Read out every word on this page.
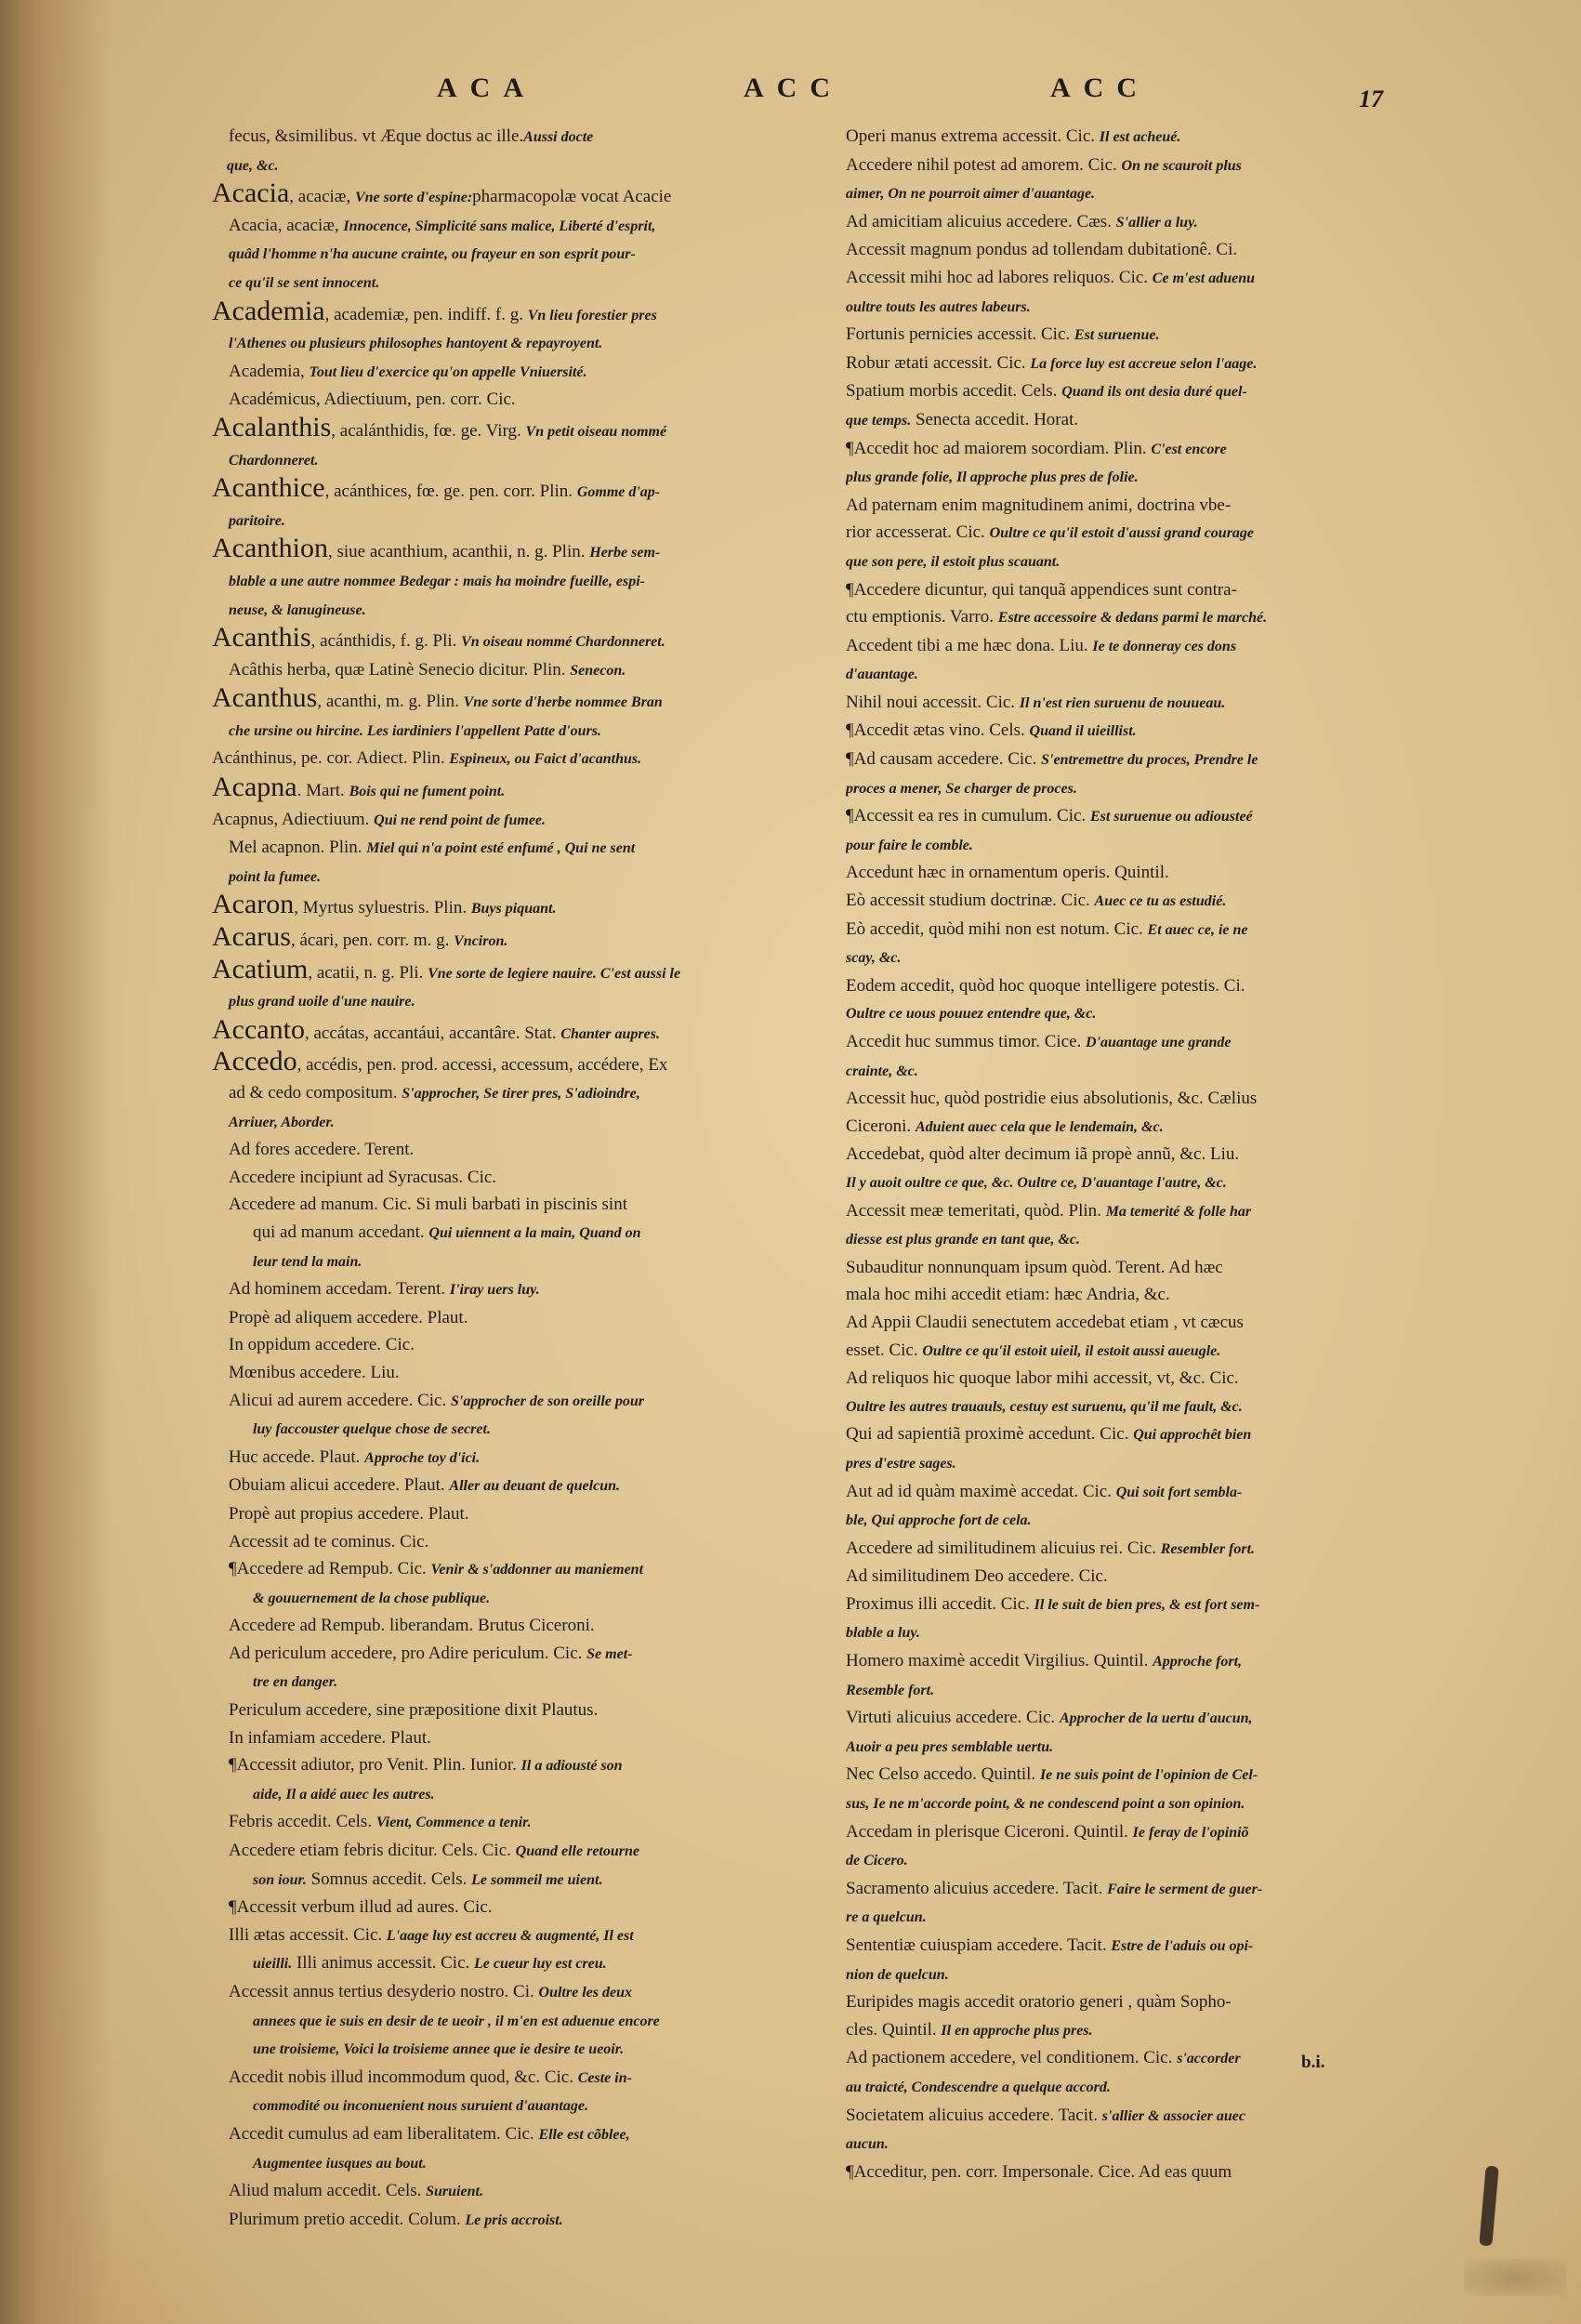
ACA	ACC	ACC	17

fecus, &similibus. vt Æque doctus ac ille.Aussi docte

que, &c.

Acacia, acaciæ, Vne sorte d'espine:pharmacopolæ vocat Acacie

Acacia, acaciæ, Innocence, Simplicité sans malice, Liberté d'esprit,

quâd l'homme n'ha aucune crainte, ou frayeur en son esprit pour-

ce qu'il se sent innocent.

Academia, academiæ, pen. indiff. f. g. Vn lieu forestier pres

l'Athenes ou plusieurs philosophes hantoyent & repayroyent.

Academia, Tout lieu d'exercice qu'on appelle Vniuersité.

Académicus, Adiectiuum, pen. corr. Cic.

Acalanthis, acalánthidis, fœ. ge. Virg. Vn petit oiseau nommé

Chardonneret.

Acanthice, acánthices, fœ. ge. pen. corr. Plin. Gomme d'ap-

paritoire.

Acanthion, siue acanthium, acanthii, n. g. Plin. Herbe sem-

blable a une autre nommee Bedegar : mais ha moindre fueille, espi-

neuse, & lanugineuse.

Acanthis, acánthidis, f. g. Pli. Vn oiseau nommé Chardonneret.

Acâthis herba, quæ Latinè Senecio dicitur. Plin. Senecon.

Acanthus, acanthi, m. g. Plin. Vne sorte d'herbe nommee Bran

che ursine ou hircine. Les iardiniers l'appellent Patte d'ours.

Acánthinus, pe. cor. Adiect. Plin. Espineux, ou Faict d'acanthus.

Acapna. Mart. Bois qui ne fument point.

Acapnus, Adiectiuum. Qui ne rend point de fumee.

Mel acapnon. Plin. Miel qui n'a point esté enfumé , Qui ne sent

point la fumee.

Acaron, Myrtus syluestris. Plin. Buys piquant.

Acarus, ácari, pen. corr. m. g. Vnciron.

Acatium, acatii, n. g. Pli. Vne sorte de legiere nauire. C'est aussi le

plus grand uoile d'une nauire.

Accanto, accátas, accantáui, accantâre. Stat. Chanter aupres.

Accedo, accédis, pen. prod. accessi, accessum, accédere, Ex

ad & cedo compositum. S'approcher, Se tirer pres, S'adioindre,

Arriuer, Aborder.

Ad fores accedere. Terent.

Accedere incipiunt ad Syracusas. Cic.

Accedere ad manum. Cic. Si muli barbati in piscinis sint

qui ad manum accedant. Qui uiennent a la main, Quand on

leur tend la main.

Ad hominem accedam. Terent. I'iray uers luy.

Propè ad aliquem accedere. Plaut.

In oppidum accedere. Cic.

Mœnibus accedere. Liu.

Alicui ad aurem accedere. Cic. S'approcher de son oreille pour

luy faccouster quelque chose de secret.

Huc accede. Plaut. Approche toy d'ici.

Obuiam alicui accedere. Plaut. Aller au deuant de quelcun.

Propè aut propius accedere. Plaut.

Accessit ad te cominus. Cic.

¶Accedere ad Rempub. Cic. Venir & s'addonner au maniement

& gouuernement de la chose publique.

Accedere ad Rempub. liberandam. Brutus Ciceroni.

Ad periculum accedere, pro Adire periculum. Cic. Se met-

tre en danger.

Periculum accedere, sine præpositione dixit Plautus.

In infamiam accedere. Plaut.

¶Accessit adiutor, pro Venit. Plin. Iunior. Il a adiousté son

aide, Il a aidé auec les autres.

Febris accedit. Cels. Vient, Commence a tenir.

Accedere etiam febris dicitur. Cels. Cic. Quand elle retourne

son iour. Somnus accedit. Cels. Le sommeil me uient.

¶Accessit verbum illud ad aures. Cic.

Illi ætas accessit. Cic. L'aage luy est accreu & augmenté, Il est

uieilli. Illi animus accessit. Cic. Le cueur luy est creu.

Accessit annus tertius desyderio nostro. Ci. Oultre les deux

annees que ie suis en desir de te ueoir , il m'en est aduenue encore

une troisieme, Voici la troisieme annee que ie desire te ueoir.

Accedit nobis illud incommodum quod, &c. Cic. Ceste in-

commodité ou inconuenient nous suruient d'auantage.

Accedit cumulus ad eam liberalitatem. Cic. Elle est cõblee,

Augmentee iusques au bout.

Aliud malum accedit. Cels. Suruient.

Plurimum pretio accedit. Colum. Le pris accroist.

Operi manus extrema accessit. Cic. Il est acheué.

Accedere nihil potest ad amorem. Cic. On ne scauroit plus

aimer, On ne pourroit aimer d'auantage.

Ad amicitiam alicuius accedere. Cæs. S'allier a luy.

Accessit magnum pondus ad tollendam dubitationê. Ci.

Accessit mihi hoc ad labores reliquos. Cic. Ce m'est aduenu

oultre touts les autres labeurs.

Fortunis pernicies accessit. Cic. Est suruenue.

Robur ætati accessit. Cic. La force luy est accreue selon l'aage.

Spatium morbis accedit. Cels. Quand ils ont desia duré quel-

que temps. Senecta accedit. Horat.

¶Accedit hoc ad maiorem socordiam. Plin. C'est encore

plus grande folie, Il approche plus pres de folie.

Ad paternam enim magnitudinem animi, doctrina vbe-

rior accesserat. Cic. Oultre ce qu'il estoit d'aussi grand courage

que son pere, il estoit plus scauant.

¶Accedere dicuntur, qui tanquã appendices sunt contra-

ctu emptionis. Varro. Estre accessoire & dedans parmi le marché.

Accedent tibi a me hæc dona. Liu. Ie te donneray ces dons

d'auantage.

Nihil noui accessit. Cic. Il n'est rien suruenu de nouueau.

¶Accedit ætas vino. Cels. Quand il uieillist.

¶Ad causam accedere. Cic. S'entremettre du proces, Prendre le

proces a mener, Se charger de proces.

¶Accessit ea res in cumulum. Cic. Est suruenue ou adiousteé

pour faire le comble.

Accedunt hæc in ornamentum operis. Quintil.

Eò accessit studium doctrinæ. Cic. Auec ce tu as estudié.

Eò accedit, quòd mihi non est notum. Cic. Et auec ce, ie ne

scay, &c.

Eodem accedit, quòd hoc quoque intelligere potestis. Ci.

Oultre ce uous pouuez entendre que, &c.

Accedit huc summus timor. Cice. D'auantage une grande

crainte, &c.

Accessit huc, quòd postridie eius absolutionis, &c. Cælius

Ciceroni. Aduient auec cela que le lendemain, &c.

Accedebat, quòd alter decimum iã propè annũ, &c. Liu.

Il y auoit oultre ce que, &c. Oultre ce, D'auantage l'autre, &c.

Accessit meæ temeritati, quòd. Plin. Ma temerité & folle har

diesse est plus grande en tant que, &c.

Subauditur nonnunquam ipsum quòd. Terent. Ad hæc

mala hoc mihi accedit etiam: hæc Andria, &c.

Ad Appii Claudii senectutem accedebat etiam , vt cæcus

esset. Cic. Oultre ce qu'il estoit uieil, il estoit aussi aueugle.

Ad reliquos hic quoque labor mihi accessit, vt, &c. Cic.

Oultre les autres trauauls, cestuy est suruenu, qu'il me fault, &c.

Qui ad sapientiã proximè accedunt. Cic. Qui approchêt bien

pres d'estre sages.

Aut ad id quàm maximè accedat. Cic. Qui soit fort sembla-

ble, Qui approche fort de cela.

Accedere ad similitudinem alicuius rei. Cic. Resembler fort.

Ad similitudinem Deo accedere. Cic.

Proximus illi accedit. Cic. Il le suit de bien pres, & est fort sem-

blable a luy.

Homero maximè accedit Virgilius. Quintil. Approche fort,

Resemble fort.

Virtuti alicuius accedere. Cic. Approcher de la uertu d'aucun,

Auoir a peu pres semblable uertu.

Nec Celso accedo. Quintil. Ie ne suis point de l'opinion de Cel-

sus, Ie ne m'accorde point, & ne condescend point a son opinion.

Accedam in plerisque Ciceroni. Quintil. Ie feray de l'opiniõ

de Cicero.

Sacramento alicuius accedere. Tacit. Faire le serment de guer-

re a quelcun.

Sententiæ cuiuspiam accedere. Tacit. Estre de l'aduis ou opi-

nion de quelcun.

Euripides magis accedit oratorio generi , quàm Sopho-

cles. Quintil. Il en approche plus pres.

Ad pactionem accedere, vel conditionem. Cic. s'accorder

au traicté, Condescendre a quelque accord.

Societatem alicuius accedere. Tacit. s'allier & associer auec

aucun.

¶Acceditur, pen. corr. Impersonale. Cice. Ad eas quum

b.i.
